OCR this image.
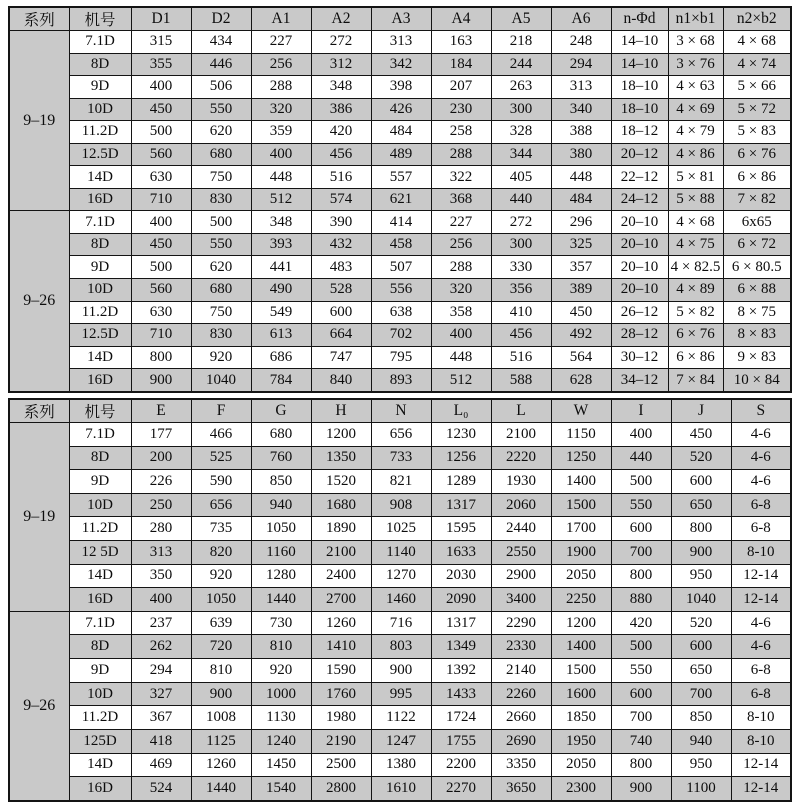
系列	机号	D1	D2	A1	A2	A3	A4	A5	A6	n-Φd	n1×b1	n2×b2
9–19	7.1D	315	434	227	272	313	163	218	248	14–10	3 × 68	4 × 68
	8D	355	446	256	312	342	184	244	294	14–10	3 × 76	4 × 74
	9D	400	506	288	348	398	207	263	313	18–10	4 × 63	5 × 66
	10D	450	550	320	386	426	230	300	340	18–10	4 × 69	5 × 72
	11.2D	500	620	359	420	484	258	328	388	18–12	4 × 79	5 × 83
	12.5D	560	680	400	456	489	288	344	380	20–12	4 × 86	6 × 76
	14D	630	750	448	516	557	322	405	448	22–12	5 × 81	6 × 86
	16D	710	830	512	574	621	368	440	484	24–12	5 × 88	7 × 82
9–26	7.1D	400	500	348	390	414	227	272	296	20–10	4 × 68	6x65
	8D	450	550	393	432	458	256	300	325	20–10	4 × 75	6 × 72
	9D	500	620	441	483	507	288	330	357	20–10	4 × 82.5	6 × 80.5
	10D	560	680	490	528	556	320	356	389	20–10	4 × 89	6 × 88
	11.2D	630	750	549	600	638	358	410	450	26–12	5 × 82	8 × 75
	12.5D	710	830	613	664	702	400	456	492	28–12	6 × 76	8 × 83
	14D	800	920	686	747	795	448	516	564	30–12	6 × 86	9 × 83
	16D	900	1040	784	840	893	512	588	628	34–12	7 × 84	10 × 84
系列	机号	E	F	G	H	N	L₀	L	W	I	J	S
9–19	7.1D	177	466	680	1200	656	1230	2100	1150	400	450	4-6
	8D	200	525	760	1350	733	1256	2220	1250	440	520	4-6
	9D	226	590	850	1520	821	1289	1930	1400	500	600	4-6
	10D	250	656	940	1680	908	1317	2060	1500	550	650	6-8
	11.2D	280	735	1050	1890	1025	1595	2440	1700	600	800	6-8
	12 5D	313	820	1160	2100	1140	1633	2550	1900	700	900	8-10
	14D	350	920	1280	2400	1270	2030	2900	2050	800	950	12-14
	16D	400	1050	1440	2700	1460	2090	3400	2250	880	1040	12-14
9–26	7.1D	237	639	730	1260	716	1317	2290	1200	420	520	4-6
	8D	262	720	810	1410	803	1349	2330	1400	500	600	4-6
	9D	294	810	920	1590	900	1392	2140	1500	550	650	6-8
	10D	327	900	1000	1760	995	1433	2260	1600	600	700	6-8
	11.2D	367	1008	1130	1980	1122	1724	2660	1850	700	850	8-10
	125D	418	1125	1240	2190	1247	1755	2690	1950	740	940	8-10
	14D	469	1260	1450	2500	1380	2200	3350	2050	800	950	12-14
	16D	524	1440	1540	2800	1610	2270	3650	2300	900	1100	12-14
